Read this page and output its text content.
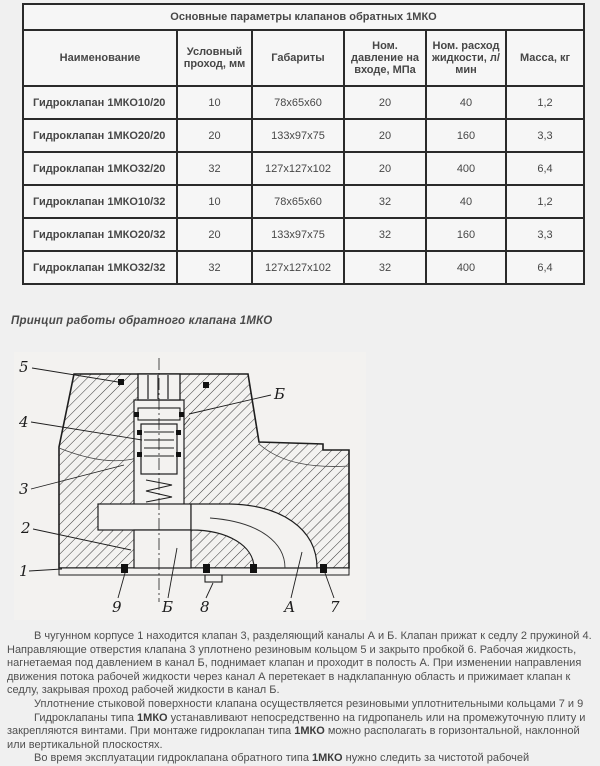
Основные параметры клапанов обратных 1МКО					
Наименование	Условный проход, мм	Габариты	Ном. давление на входе, МПа	Ном. расход жидкости, л/мин	Масса, кг
Гидроклапан 1МКО10/20	10	78x65x60	20	40	1,2
Гидроклапан 1МКО20/20	20	133x97x75	20	160	3,3
Гидроклапан 1МКО32/20	32	127x127x102	20	400	6,4
Гидроклапан 1МКО10/32	10	78x65x60	32	40	1,2
Гидроклапан 1МКО20/32	20	133x97x75	32	160	3,3
Гидроклапан 1МКО32/32	32	127x127x102	32	400	6,4
Принцип работы обратного клапана 1МКО
5
Б
4
3
2
1
9	Б 8	А 7

В чугунном корпусе 1 находится клапан 3, разделяющий каналы А и Б. Клапан прижат к седлу 2 пружиной 4. Направляющие отверстия клапана 3 уплотнено резиновым кольцом 5 и закрыто пробкой 6. Рабочая жидкость, нагнетаемая под давлением в канал Б, поднимает клапан и проходит в полость А. При изменении направления движения потока рабочей жидкости через канал А перетекает в надклапанную область и прижимает клапан к седлу, закрывая проход рабочей жидкости в канал Б.

Уплотнение стыковой поверхности клапана осуществляется резиновыми уплотнительными кольцами 7 и 9

Гидроклапаны типа 1МКО устанавливают непосредственно на гидропанель или на промежуточную плиту и закрепляются винтами. При монтаже гидроклапан типа 1МКО можно располагать в горизонтальной, наклонной или вертикальной плоскостях.

Во время эксплуатации гидроклапана обратного типа 1МКО нужно следить за чистотой рабочей
